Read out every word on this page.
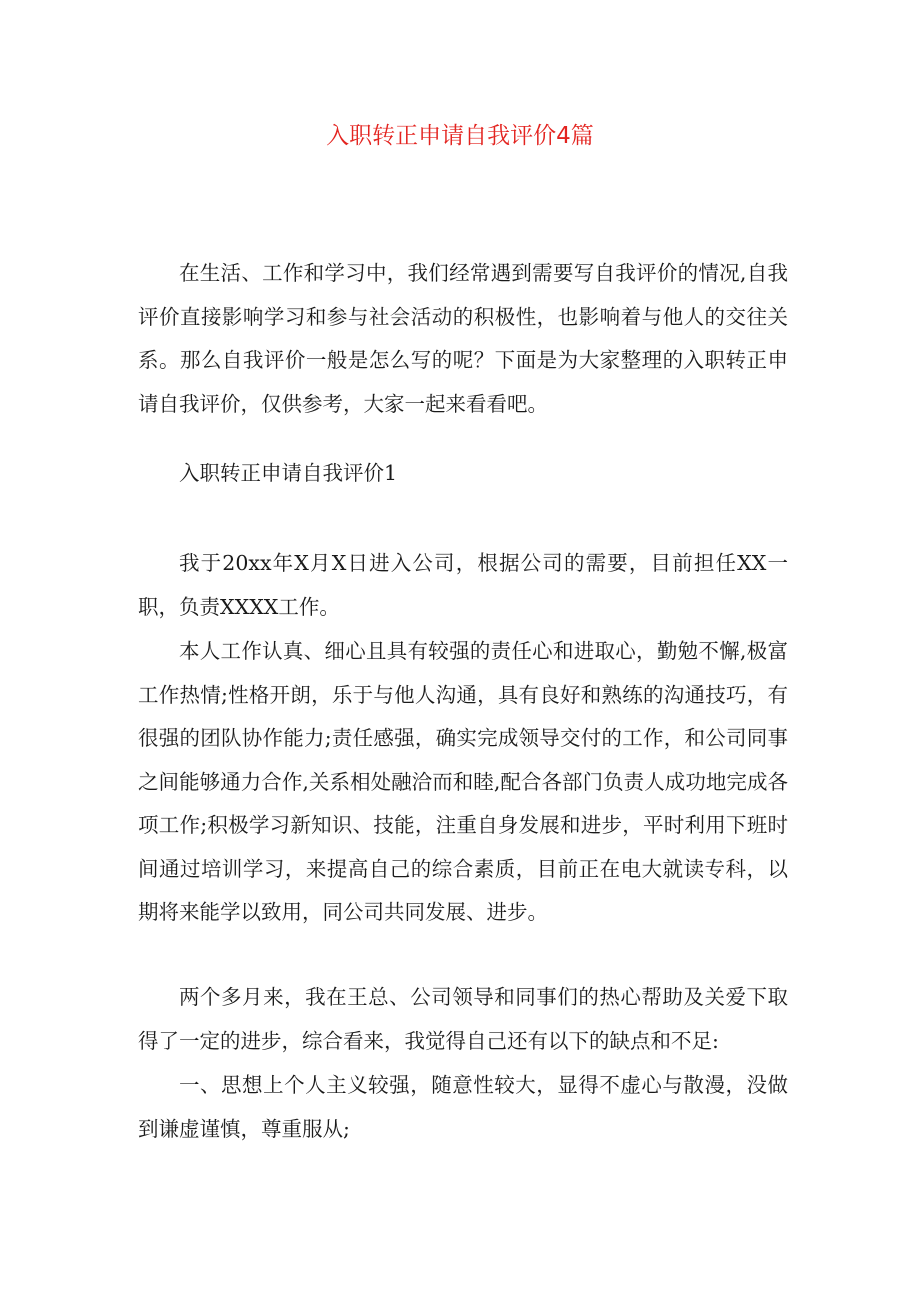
入职转正申请自我评价4篇

在生活、工作和学习中，我们经常遇到需要写自我评价的情况,自我评价直接影响学习和参与社会活动的积极性，也影响着与他人的交往关系。那么自我评价一般是怎么写的呢？下面是为大家整理的入职转正申请自我评价，仅供参考，大家一起来看看吧。

入职转正申请自我评价1

我于20xx年X月X日进入公司，根据公司的需要，目前担任XX一职，负责XXXX工作。

本人工作认真、细心且具有较强的责任心和进取心，勤勉不懈,极富工作热情;性格开朗，乐于与他人沟通，具有良好和熟练的沟通技巧，有很强的团队协作能力;责任感强，确实完成领导交付的工作，和公司同事之间能够通力合作,关系相处融洽而和睦,配合各部门负责人成功地完成各项工作;积极学习新知识、技能，注重自身发展和进步，平时利用下班时间通过培训学习，来提高自己的综合素质，目前正在电大就读专科，以期将来能学以致用，同公司共同发展、进步。

两个多月来，我在王总、公司领导和同事们的热心帮助及关爱下取得了一定的进步，综合看来，我觉得自己还有以下的缺点和不足:

一、思想上个人主义较强，随意性较大，显得不虚心与散漫，没做到谦虚谨慎，尊重服从;
